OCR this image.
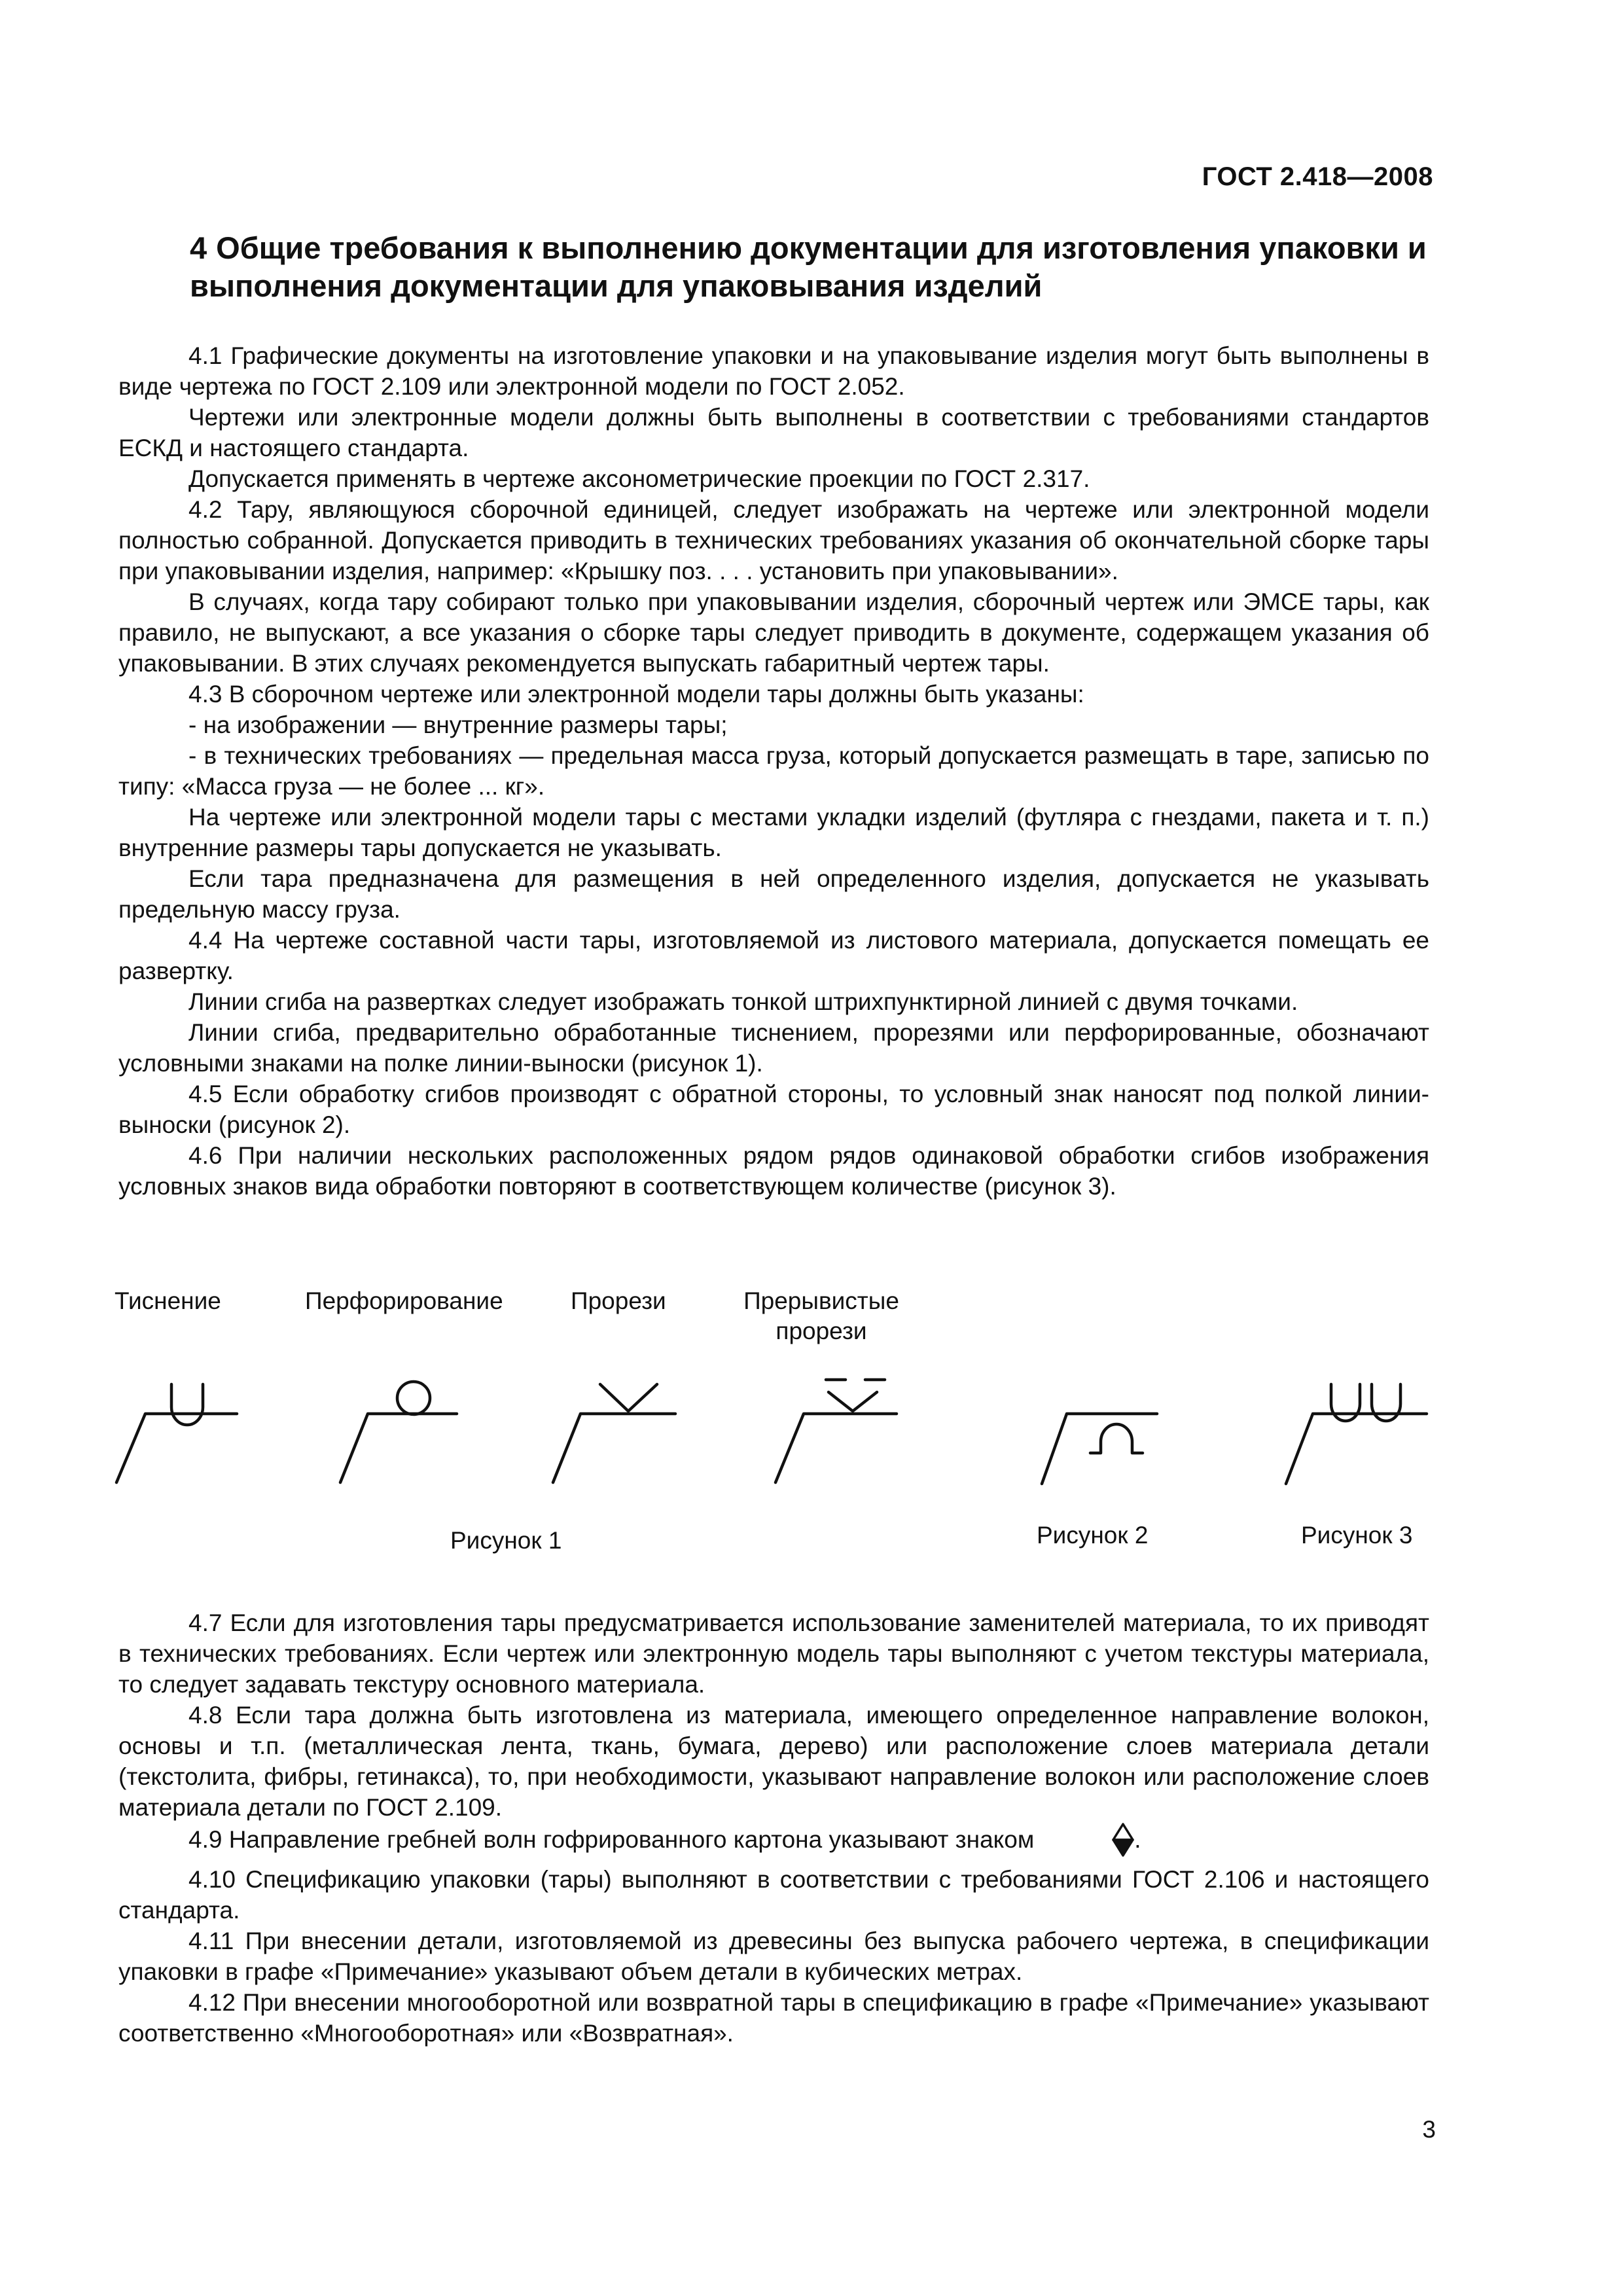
ГОСТ 2.418—2008
4 Общие требования к выполнению документации для изготовления упаковки и выполнения документации для упаковывания изделий

4.1 Графические документы на изготовление упаковки и на упаковывание изделия могут быть выполнены в виде чертежа по ГОСТ 2.109 или электронной модели по ГОСТ 2.052.

Чертежи или электронные модели должны быть выполнены в соответствии с требованиями стандартов ЕСКД и настоящего стандарта.

Допускается применять в чертеже аксонометрические проекции по ГОСТ 2.317.

4.2 Тару, являющуюся сборочной единицей, следует изображать на чертеже или электронной модели полностью собранной. Допускается приводить в технических требованиях указания об окончательной сборке тары при упаковывании изделия, например: «Крышку поз. . . . установить при упаковывании».

В случаях, когда тару собирают только при упаковывании изделия, сборочный чертеж или ЭМСЕ тары, как правило, не выпускают, а все указания о сборке тары следует приводить в документе, содержащем указания об упаковывании. В этих случаях рекомендуется выпускать габаритный чертеж тары.

4.3 В сборочном чертеже или электронной модели тары должны быть указаны:

- на изображении — внутренние размеры тары;

- в технических требованиях — предельная масса груза, который допускается размещать в таре, записью по типу: «Масса груза — не более ... кг».

На чертеже или электронной модели тары с местами укладки изделий (футляра с гнездами, пакета и т. п.) внутренние размеры тары допускается не указывать.

Если тара предназначена для размещения в ней определенного изделия, допускается не указывать предельную массу груза.

4.4 На чертеже составной части тары, изготовляемой из листового материала, допускается помещать ее развертку.

Линии сгиба на развертках следует изображать тонкой штрихпунктирной линией с двумя точками.

Линии сгиба, предварительно обработанные тиснением, прорезями или перфорированные, обозначают условными знаками на полке линии-выноски (рисунок 1).

4.5 Если обработку сгибов производят с обратной стороны, то условный знак наносят под полкой линии-выноски (рисунок 2).

4.6 При наличии нескольких расположенных рядом рядов одинаковой обработки сгибов изображения условных знаков вида обработки повторяют в соответствующем количестве (рисунок 3).

Тиснение	Перфорирование	Прорези	Прерывистые прорези
Рисунок 1	Рисунок 2	Рисунок 3

4.7 Если для изготовления тары предусматривается использование заменителей материала, то их приводят в технических требованиях. Если чертеж или электронную модель тары выполняют с учетом текстуры материала, то следует задавать текстуру основного материала.

4.8 Если тара должна быть изготовлена из материала, имеющего определенное направление волокон, основы и т.п. (металлическая лента, ткань, бумага, дерево) или расположение слоев материала детали (текстолита, фибры, гетинакса), то, при необходимости, указывают направление волокон или расположение слоев материала детали по ГОСТ 2.109.

4.9 Направление гребней волн гофрированного картона указывают знаком	.

4.10 Спецификацию упаковки (тары) выполняют в соответствии с требованиями ГОСТ 2.106 и настоящего стандарта.

4.11 При внесении детали, изготовляемой из древесины без выпуска рабочего чертежа, в спецификации упаковки в графе «Примечание» указывают объем детали в кубических метрах.

4.12 При внесении многооборотной или возвратной тары в спецификацию в графе «Примечание» указывают соответственно «Многооборотная» или «Возвратная».

3
